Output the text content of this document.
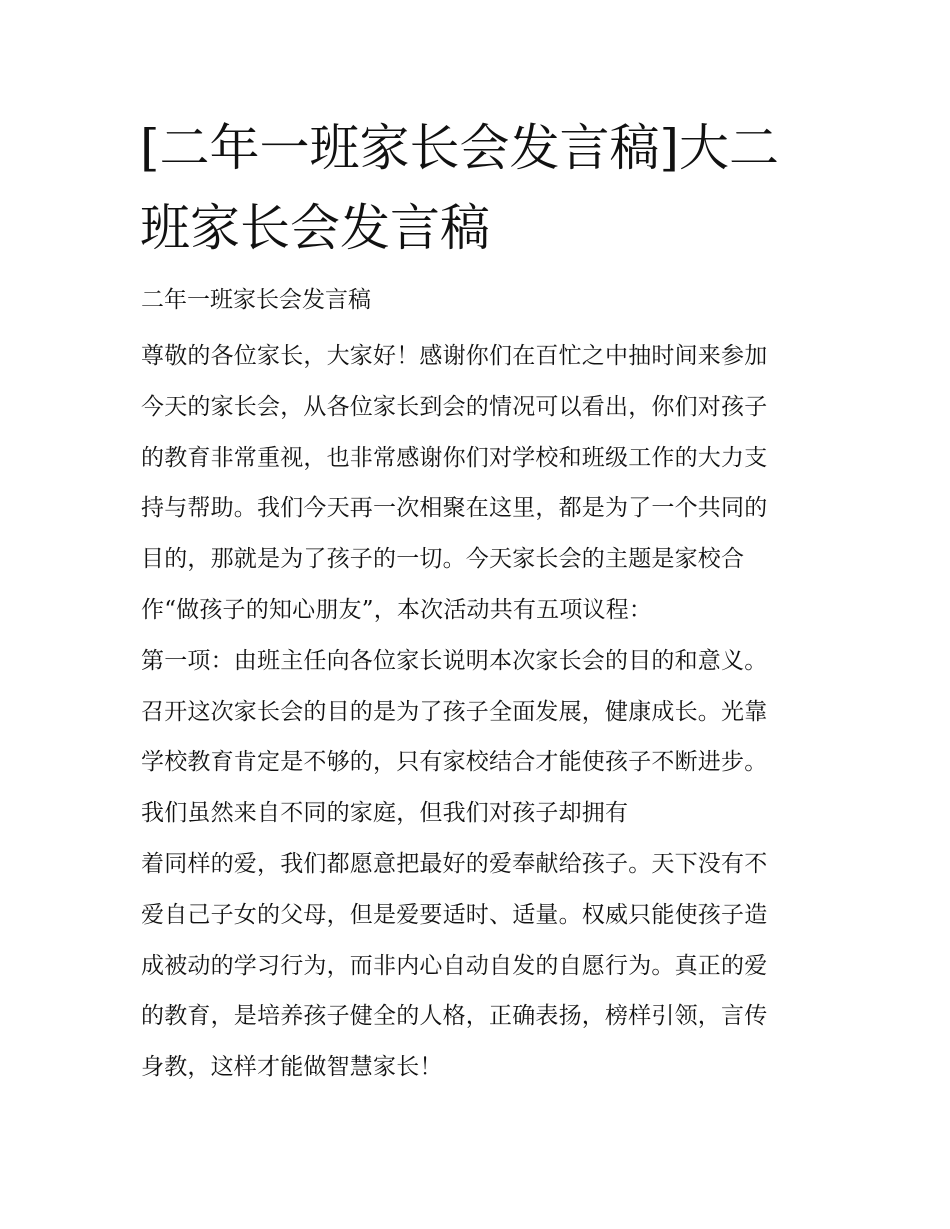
[二年一班家长会发言稿]大二
班家长会发言稿

二年一班家长会发言稿

尊敬的各位家长，大家好！感谢你们在百忙之中抽时间来参加
今天的家长会，从各位家长到会的情况可以看出，你们对孩子
的教育非常重视，也非常感谢你们对学校和班级工作的大力支
持与帮助。我们今天再一次相聚在这里，都是为了一个共同的
目的，那就是为了孩子的一切。今天家长会的主题是家校合
作“做孩子的知心朋友”，本次活动共有五项议程：
第一项：由班主任向各位家长说明本次家长会的目的和意义。
召开这次家长会的目的是为了孩子全面发展，健康成长。光靠
学校教育肯定是不够的，只有家校结合才能使孩子不断进步。
我们虽然来自不同的家庭，但我们对孩子却拥有
着同样的爱，我们都愿意把最好的爱奉献给孩子。天下没有不
爱自己子女的父母，但是爱要适时、适量。权威只能使孩子造
成被动的学习行为，而非内心自动自发的自愿行为。真正的爱
的教育，是培养孩子健全的人格，正确表扬，榜样引领，言传
身教，这样才能做智慧家长！
